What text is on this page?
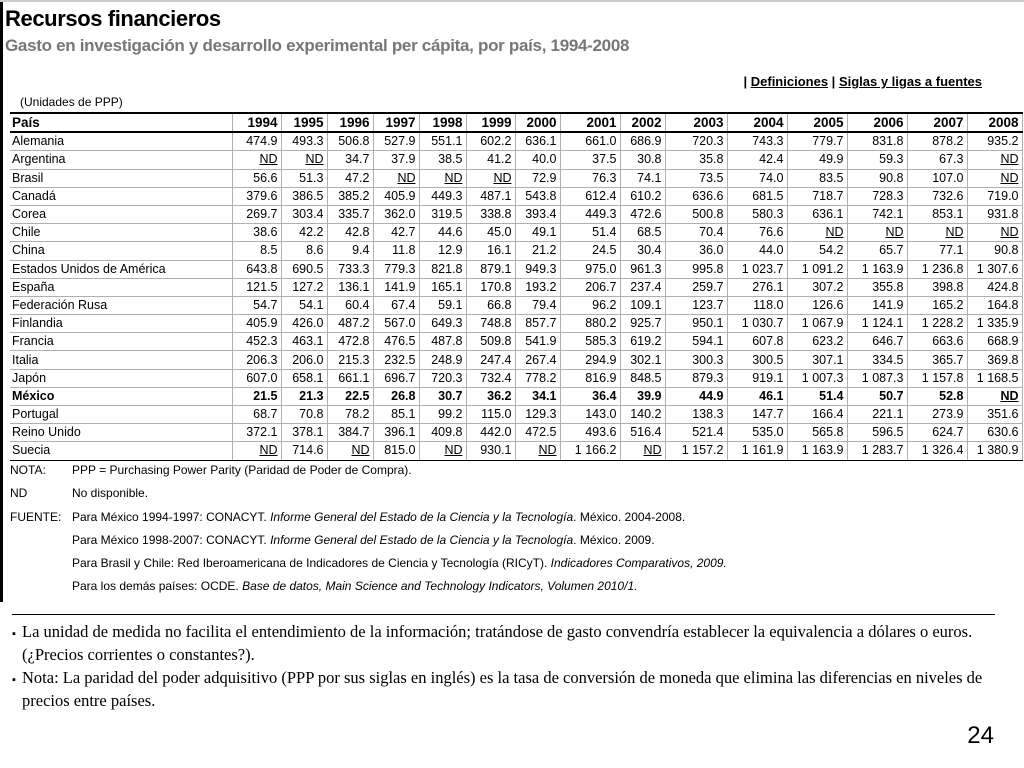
Recursos financieros
Gasto en investigación y desarrollo experimental per cápita, por país, 1994-2008
| Definiciones | Siglas y ligas a fuentes
(Unidades de PPP)
País	1994	1995	1996	1997	1998	1999	2000	2001	2002	2003	2004	2005	2006	2007	2008
Alemania	474.9	493.3	506.8	527.9	551.1	602.2	636.1	661.0	686.9	720.3	743.3	779.7	831.8	878.2	935.2
Argentina	ND	ND	34.7	37.9	38.5	41.2	40.0	37.5	30.8	35.8	42.4	49.9	59.3	67.3	ND
Brasil	56.6	51.3	47.2	ND	ND	ND	72.9	76.3	74.1	73.5	74.0	83.5	90.8	107.0	ND
Canadá	379.6	386.5	385.2	405.9	449.3	487.1	543.8	612.4	610.2	636.6	681.5	718.7	728.3	732.6	719.0
Corea	269.7	303.4	335.7	362.0	319.5	338.8	393.4	449.3	472.6	500.8	580.3	636.1	742.1	853.1	931.8
Chile	38.6	42.2	42.8	42.7	44.6	45.0	49.1	51.4	68.5	70.4	76.6	ND	ND	ND	ND
China	8.5	8.6	9.4	11.8	12.9	16.1	21.2	24.5	30.4	36.0	44.0	54.2	65.7	77.1	90.8
Estados Unidos de América	643.8	690.5	733.3	779.3	821.8	879.1	949.3	975.0	961.3	995.8	1 023.7	1 091.2	1 163.9	1 236.8	1 307.6
España	121.5	127.2	136.1	141.9	165.1	170.8	193.2	206.7	237.4	259.7	276.1	307.2	355.8	398.8	424.8
Federación Rusa	54.7	54.1	60.4	67.4	59.1	66.8	79.4	96.2	109.1	123.7	118.0	126.6	141.9	165.2	164.8
Finlandia	405.9	426.0	487.2	567.0	649.3	748.8	857.7	880.2	925.7	950.1	1 030.7	1 067.9	1 124.1	1 228.2	1 335.9
Francia	452.3	463.1	472.8	476.5	487.8	509.8	541.9	585.3	619.2	594.1	607.8	623.2	646.7	663.6	668.9
Italia	206.3	206.0	215.3	232.5	248.9	247.4	267.4	294.9	302.1	300.3	300.5	307.1	334.5	365.7	369.8
Japón	607.0	658.1	661.1	696.7	720.3	732.4	778.2	816.9	848.5	879.3	919.1	1 007.3	1 087.3	1 157.8	1 168.5
México	21.5	21.3	22.5	26.8	30.7	36.2	34.1	36.4	39.9	44.9	46.1	51.4	50.7	52.8	ND
Portugal	68.7	70.8	78.2	85.1	99.2	115.0	129.3	143.0	140.2	138.3	147.7	166.4	221.1	273.9	351.6
Reino Unido	372.1	378.1	384.7	396.1	409.8	442.0	472.5	493.6	516.4	521.4	535.0	565.8	596.5	624.7	630.6
Suecia	ND	714.6	ND	815.0	ND	930.1	ND	1 166.2	ND	1 157.2	1 161.9	1 163.9	1 283.7	1 326.4	1 380.9
NOTA:	PPP = Purchasing Power Parity (Paridad de Poder de Compra).
ND	No disponible.
FUENTE: Para México 1994-1997: CONACYT. Informe General del Estado de la Ciencia y la Tecnología. México. 2004-2008.
Para México 1998-2007: CONACYT. Informe General del Estado de la Ciencia y la Tecnología. México. 2009.
Para Brasil y Chile: Red Iberoamericana de Indicadores de Ciencia y Tecnología (RICyT). Indicadores Comparativos, 2009.
Para los demás países: OCDE. Base de datos, Main Science and Technology Indicators, Volumen 2010/1.
▪ La unidad de medida no facilita el entendimiento de la información; tratándose de gasto convendría establecer la equivalencia a dólares o euros. (¿Precios corrientes o constantes?).
▪ Nota: La paridad del poder adquisitivo (PPP por sus siglas en inglés) es la tasa de conversión de moneda que elimina las diferencias en niveles de precios entre países.
24
